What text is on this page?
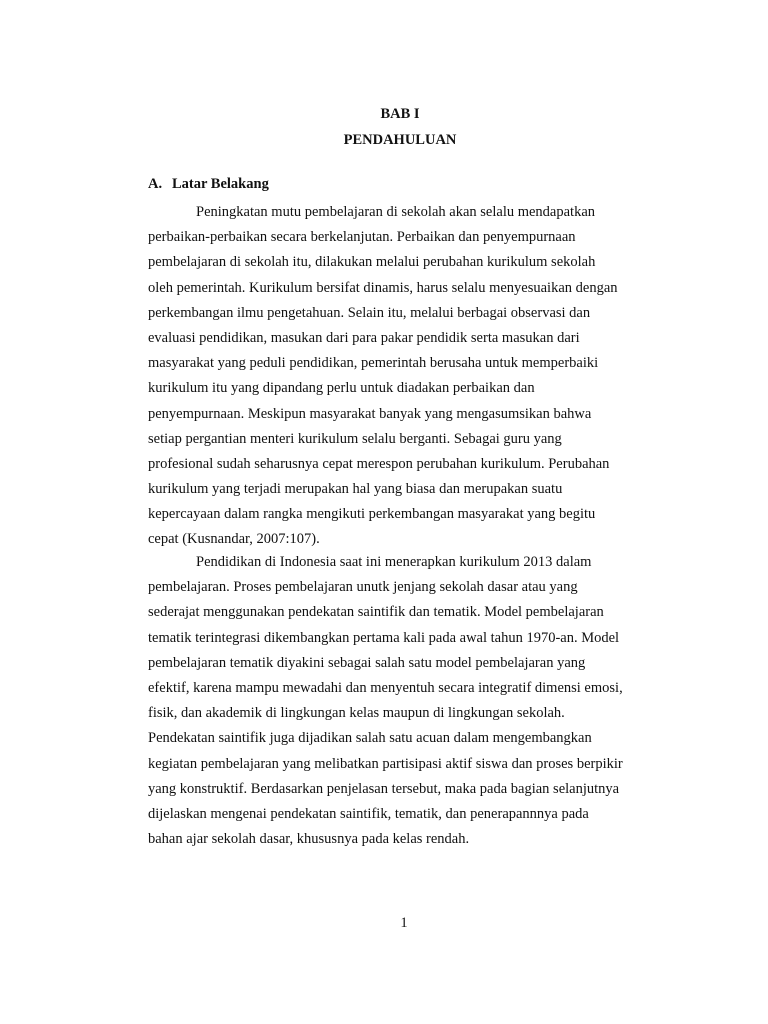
BAB I
PENDAHULUAN
A. Latar Belakang
Peningkatan mutu pembelajaran di sekolah akan selalu mendapatkan
perbaikan-perbaikan secara berkelanjutan. Perbaikan dan penyempurnaan
pembelajaran di sekolah itu, dilakukan melalui perubahan kurikulum sekolah
oleh pemerintah. Kurikulum bersifat dinamis, harus selalu menyesuaikan dengan
perkembangan ilmu pengetahuan. Selain itu, melalui berbagai observasi dan
evaluasi pendidikan, masukan dari para pakar pendidik serta masukan dari
masyarakat yang peduli pendidikan, pemerintah berusaha untuk memperbaiki
kurikulum itu yang dipandang perlu untuk diadakan perbaikan dan
penyempurnaan. Meskipun masyarakat banyak yang mengasumsikan bahwa
setiap pergantian menteri kurikulum selalu berganti. Sebagai guru yang
profesional sudah seharusnya cepat merespon perubahan kurikulum. Perubahan
kurikulum yang terjadi merupakan hal yang biasa dan merupakan suatu
kepercayaan dalam rangka mengikuti perkembangan masyarakat yang begitu
cepat (Kusnandar, 2007:107).
Pendidikan di Indonesia saat ini menerapkan kurikulum 2013 dalam
pembelajaran. Proses pembelajaran unutk jenjang sekolah dasar atau yang
sederajat menggunakan pendekatan saintifik dan tematik. Model pembelajaran
tematik terintegrasi dikembangkan pertama kali pada awal tahun 1970-an. Model
pembelajaran tematik diyakini sebagai salah satu model pembelajaran yang
efektif, karena mampu mewadahi dan menyentuh secara integratif dimensi emosi,
fisik, dan akademik di lingkungan kelas maupun di lingkungan sekolah.
Pendekatan saintifik juga dijadikan salah satu acuan dalam mengembangkan
kegiatan pembelajaran yang melibatkan partisipasi aktif siswa dan proses berpikir
yang konstruktif. Berdasarkan penjelasan tersebut, maka pada bagian selanjutnya
dijelaskan mengenai pendekatan saintifik, tematik, dan penerapannnya pada
bahan ajar sekolah dasar, khususnya pada kelas rendah.
1
